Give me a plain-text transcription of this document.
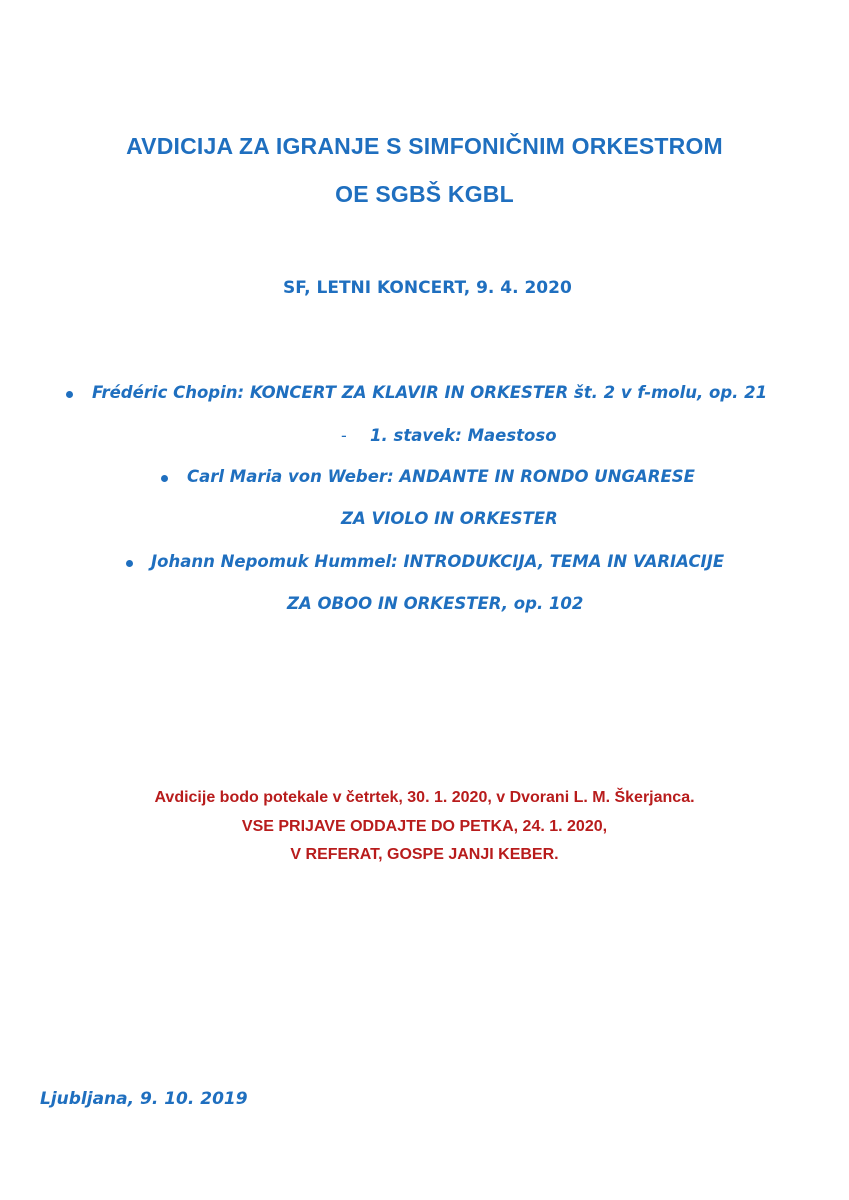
AVDICIJA ZA IGRANJE S SIMFONIČNIM ORKESTROM
OE SGBŠ KGBL
SF, LETNI KONCERT, 9. 4. 2020
Frédéric Chopin: KONCERT ZA KLAVIR IN ORKESTER št. 2 v f-molu, op. 21
- 1. stavek: Maestoso
Carl Maria von Weber: ANDANTE IN RONDO UNGARESE
ZA VIOLO IN ORKESTER
Johann Nepomuk Hummel: INTRODUKCIJA, TEMA IN VARIACIJE
ZA OBOO IN ORKESTER, op. 102
Avdicije bodo potekale v četrtek, 30. 1. 2020, v Dvorani L. M. Škerjanca.
VSE PRIJAVE ODDAJTE DO PETKA, 24. 1. 2020,
V REFERAT, GOSPE JANJI KEBER.
Ljubljana, 9. 10. 2019
